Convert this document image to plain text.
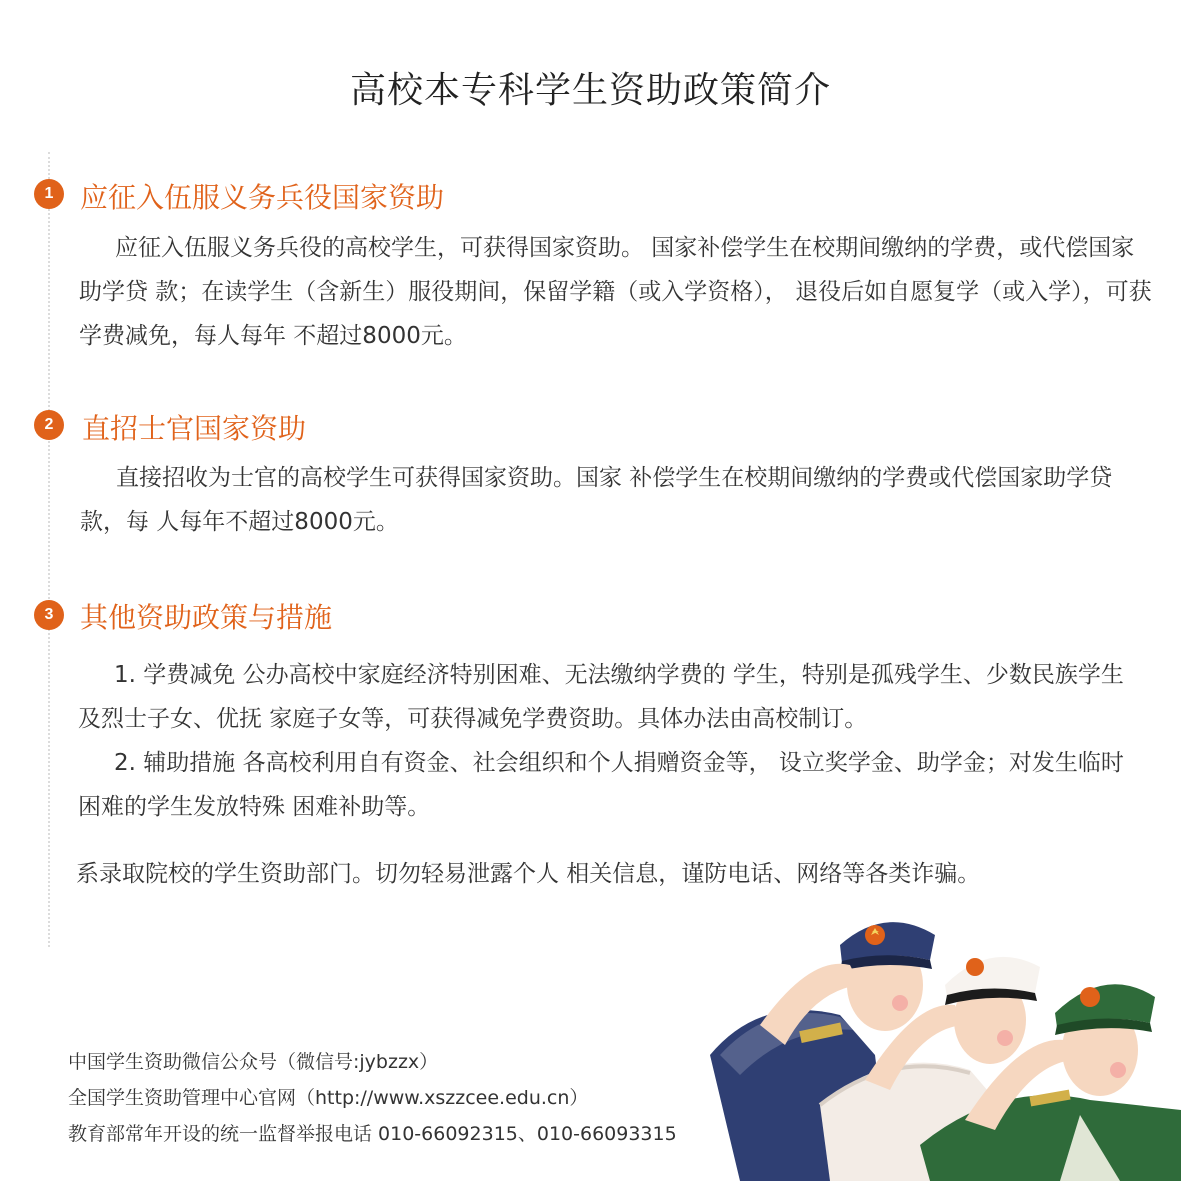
高校本专科学生资助政策简介
1 应征入伍服义务兵役国家资助
应征入伍服义务兵役的高校学生，可获得国家资助。 国家补偿学生在校期间缴纳的学费，或代偿国家助学贷 款；在读学生（含新生）服役期间，保留学籍（或入学资格）， 退役后如自愿复学（或入学），可获学费减免，每人每年 不超过8000元。
2	直招士官国家资助
直接招收为士官的高校学生可获得国家资助。国家 补偿学生在校期间缴纳的学费或代偿国家助学贷款，每 人每年不超过8000元。
3 其他资助政策与措施
1. 学费减免 公办高校中家庭经济特别困难、无法缴纳学费的 学生，特别是孤残学生、少数民族学生及烈士子女、优抚 家庭子女等，可获得减免学费资助。具体办法由高校制订。
2. 辅助措施 各高校利用自有资金、社会组织和个人捐赠资金等， 设立奖学金、助学金；对发生临时困难的学生发放特殊 困难补助等。
系录取院校的学生资助部门。切勿轻易泄露个人 相关信息，谨防电话、网络等各类诈骗。
中国学生资助微信公众号（微信号:jybzzx）
全国学生资助管理中心官网（http://www.xszzcee.edu.cn）
教育部常年开设的统一监督举报电话 010-66092315、010-66093315
